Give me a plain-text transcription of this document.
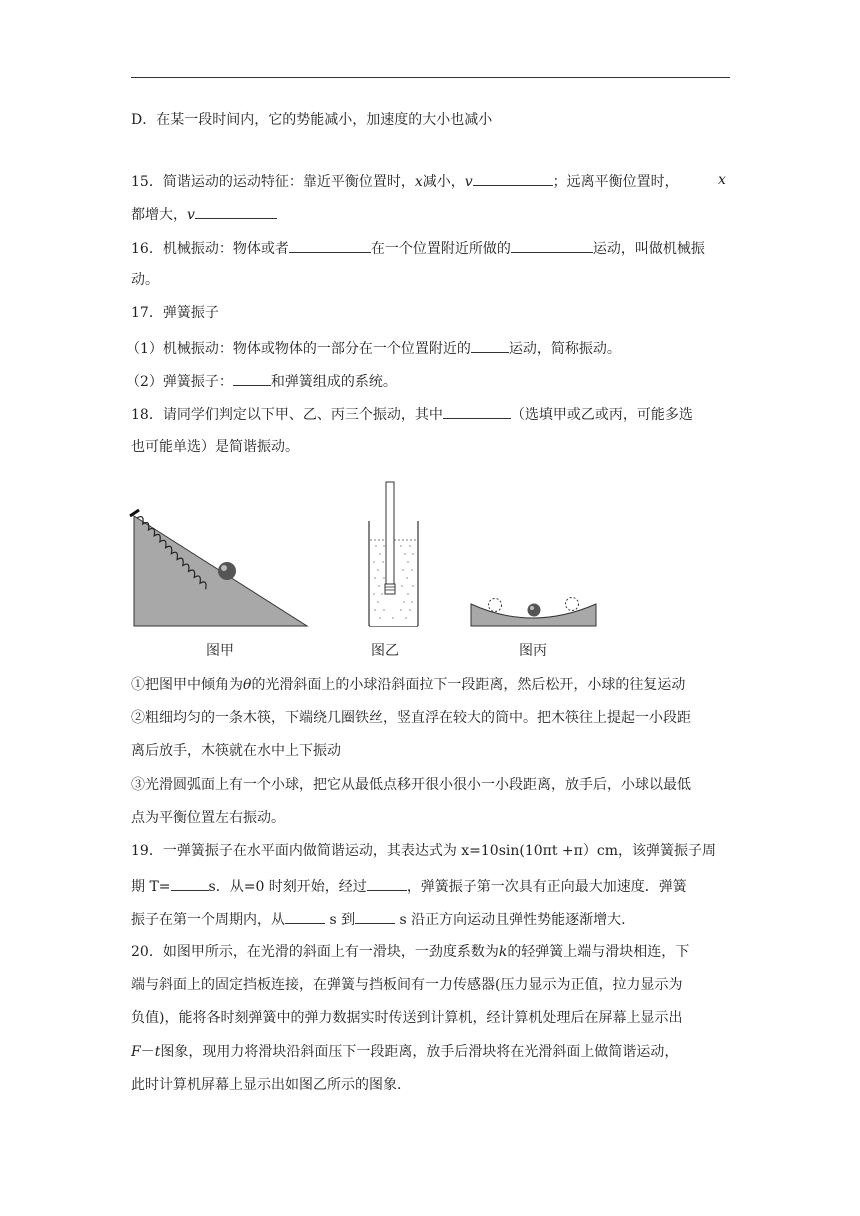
D．在某一段时间内，它的势能减小，加速度的大小也减小
15．简谐运动的运动特征：靠近平衡位置时，x减小，v	；远离平衡位置时，	x
都增大，v
16．机械振动：物体或者	在一个位置附近所做的	运动，叫做机械振
动。
17．弹簧振子
（1）机械振动：物体或物体的一部分在一个位置附近的	运动，简称振动。
（2）弹簧振子：	和弹簧组成的系统。
18．请同学们判定以下甲、乙、丙三个振动，其中	（选填甲或乙或丙，可能多选
也可能单选）是简谐振动。
图甲	图乙	图丙
①把图甲中倾角为θ的光滑斜面上的小球沿斜面拉下一段距离，然后松开，小球的往复运动
②粗细均匀的一条木筷，下端绕几圈铁丝，竖直浮在较大的筒中。把木筷往上提起一小段距
离后放手，木筷就在水中上下振动
③光滑圆弧面上有一个小球，把它从最低点移开很小很小一小段距离，放手后，小球以最低
点为平衡位置左右振动。
19．一弹簧振子在水平面内做简谐运动，其表达式为 x=10sin(10πt +π）cm，该弹簧振子周
期 T=	s．从=0 时刻开始，经过	，弹簧振子第一次具有正向最大加速度．弹簧
振子在第一个周期内，从	s 到	s 沿正方向运动且弹性势能逐渐增大.
20．如图甲所示，在光滑的斜面上有一滑块，一劲度系数为k的轻弹簧上端与滑块相连，下
端与斜面上的固定挡板连接，在弹簧与挡板间有一力传感器(压力显示为正值，拉力显示为
负值)，能将各时刻弹簧中的弹力数据实时传送到计算机，经计算机处理后在屏幕上显示出
F－t图象，现用力将滑块沿斜面压下一段距离，放手后滑块将在光滑斜面上做简谐运动，
此时计算机屏幕上显示出如图乙所示的图象.
